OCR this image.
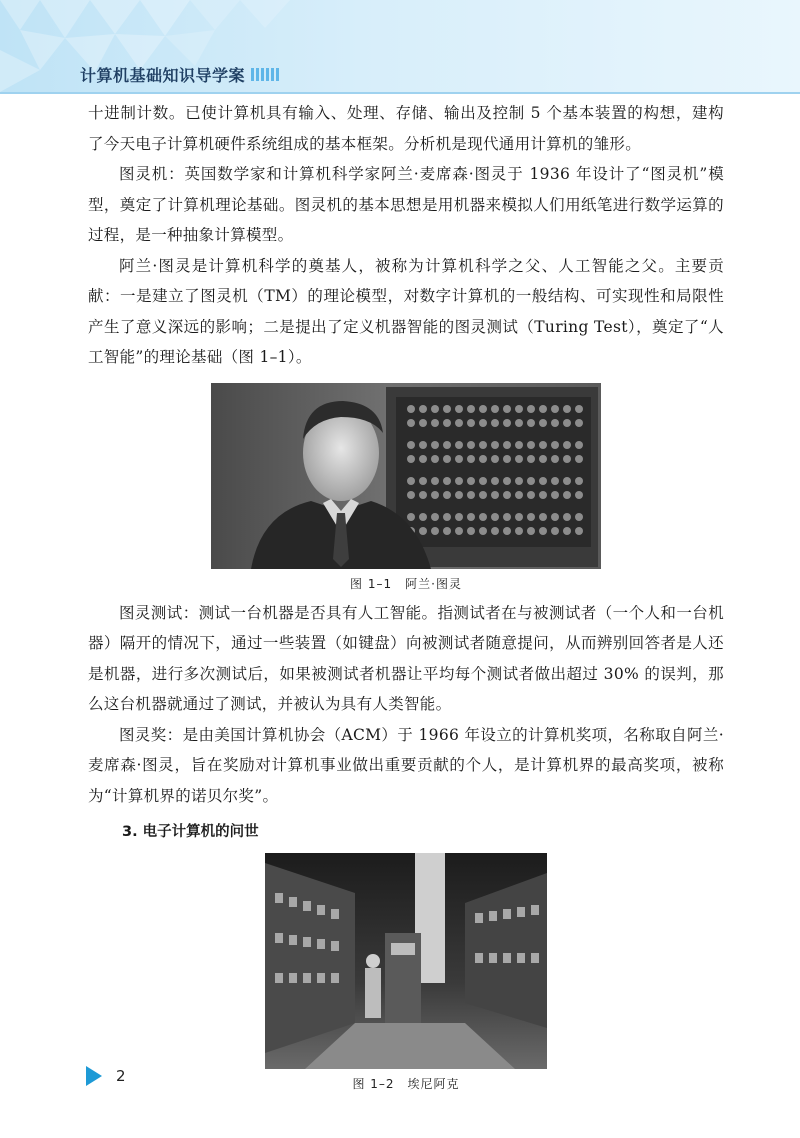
计算机基础知识导学案

十进制计数。已使计算机具有输入、处理、存储、输出及控制 5 个基本装置的构想，建构了今天电子计算机硬件系统组成的基本框架。分析机是现代通用计算机的雏形。

图灵机：英国数学家和计算机科学家阿兰·麦席森·图灵于 1936 年设计了“图灵机”模型，奠定了计算机理论基础。图灵机的基本思想是用机器来模拟人们用纸笔进行数学运算的过程，是一种抽象计算模型。

阿兰·图灵是计算机科学的奠基人，被称为计算机科学之父、人工智能之父。主要贡献：一是建立了图灵机（TM）的理论模型，对数字计算机的一般结构、可实现性和局限性产生了意义深远的影响；二是提出了定义机器智能的图灵测试（Turing Test），奠定了“人工智能”的理论基础（图 1–1）。

图 1–1　阿兰·图灵

图灵测试：测试一台机器是否具有人工智能。指测试者在与被测试者（一个人和一台机器）隔开的情况下，通过一些装置（如键盘）向被测试者随意提问，从而辨别回答者是人还是机器，进行多次测试后，如果被测试者机器让平均每个测试者做出超过 30% 的误判，那么这台机器就通过了测试，并被认为具有人类智能。

图灵奖：是由美国计算机协会（ACM）于 1966 年设立的计算机奖项，名称取自阿兰·麦席森·图灵，旨在奖励对计算机事业做出重要贡献的个人，是计算机界的最高奖项，被称为“计算机界的诺贝尔奖”。

3. 电子计算机的问世
图 1–2　埃尼阿克
2
